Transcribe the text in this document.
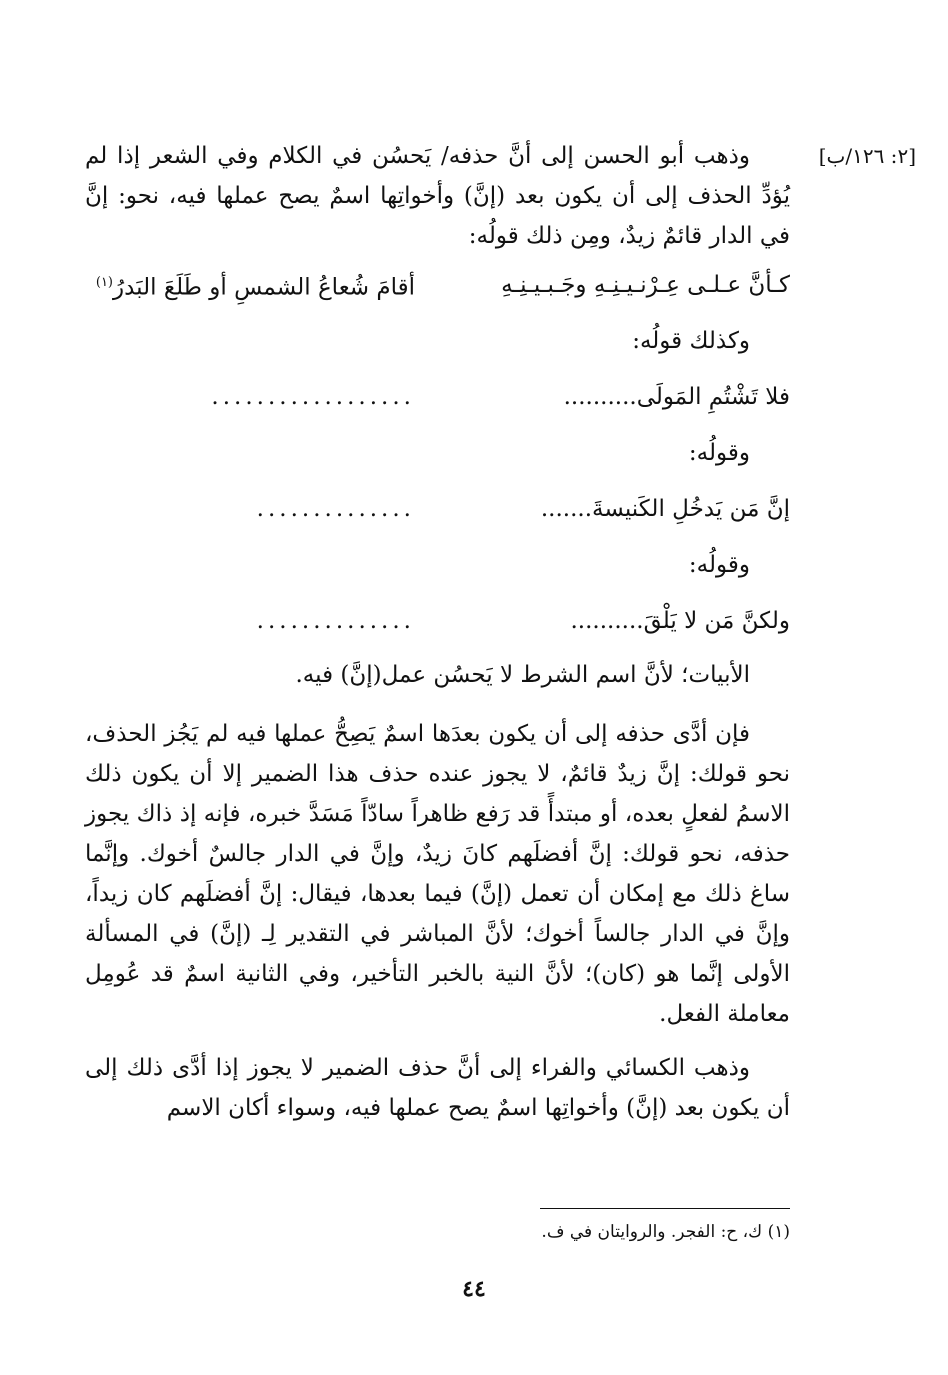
[٢: ١٢٦/ب]

وذهب أبو الحسن إلى أنَّ حذفه/ يَحسُن في الكلام وفي الشعر إذا لم يُؤدِّ الحذف إلى أن يكون بعد (إنَّ) وأخواتِها اسمٌ يصح عملها فيه، نحو: إنَّ في الدار قائمٌ زيدٌ، ومِن ذلك قولُه:

كـأنَّ عـلـى عِـرْنـيـنِـهِ وجَـبـيـنِـهِ
أقامَ شُعاعُ الشمسِ أو طَلَعَ البَدرُ$^{(١)}$
وكذلك قولُه:
فلا تَشْتُمِ المَولَى..........
..................
وقولُه:
إنَّ مَن يَدخُلِ الكَنيسةَ.......
..............
وقولُه:
ولكنَّ مَن لا يَلْقَ..........
..............
الأبيات؛ لأنَّ اسم الشرط لا يَحسُن عمل(إنَّ) فيه.

فإن أدَّى حذفه إلى أن يكون بعدَها اسمٌ يَصِحُّ عملها فيه لم يَجُز الحذف، نحو قولك: إنَّ زيدٌ قائمٌ، لا يجوز عنده حذف هذا الضمير إلا أن يكون ذلك الاسمُ لفعلٍ بعده، أو مبتدأً قد رَفع ظاهراً سادّاً مَسَدَّ خبره، فإنه إذ ذاك يجوز حذفه، نحو قولك: إنَّ أفضلَهم كانَ زيدٌ، وإنَّ في الدار جالسٌ أخوك. وإنَّما ساغ ذلك مع إمكان أن تعمل (إنَّ) فيما بعدها، فيقال: إنَّ أفضلَهم كان زيداً، وإنَّ في الدار جالساً أخوك؛ لأنَّ المباشر في التقدير لِـ (إنَّ) في المسألة الأولى إنَّما هو (كان)؛ لأنَّ النية بالخبر التأخير، وفي الثانية اسمٌ قد عُومِل معاملة الفعل.

وذهب الكسائي والفراء إلى أنَّ حذف الضمير لا يجوز إذا أدَّى ذلك إلى أن يكون بعد (إنَّ) وأخواتِها اسمٌ يصح عملها فيه، وسواء أكان الاسم

(١) ك، ح: الفجر. والروايتان في ف.
٤٤
